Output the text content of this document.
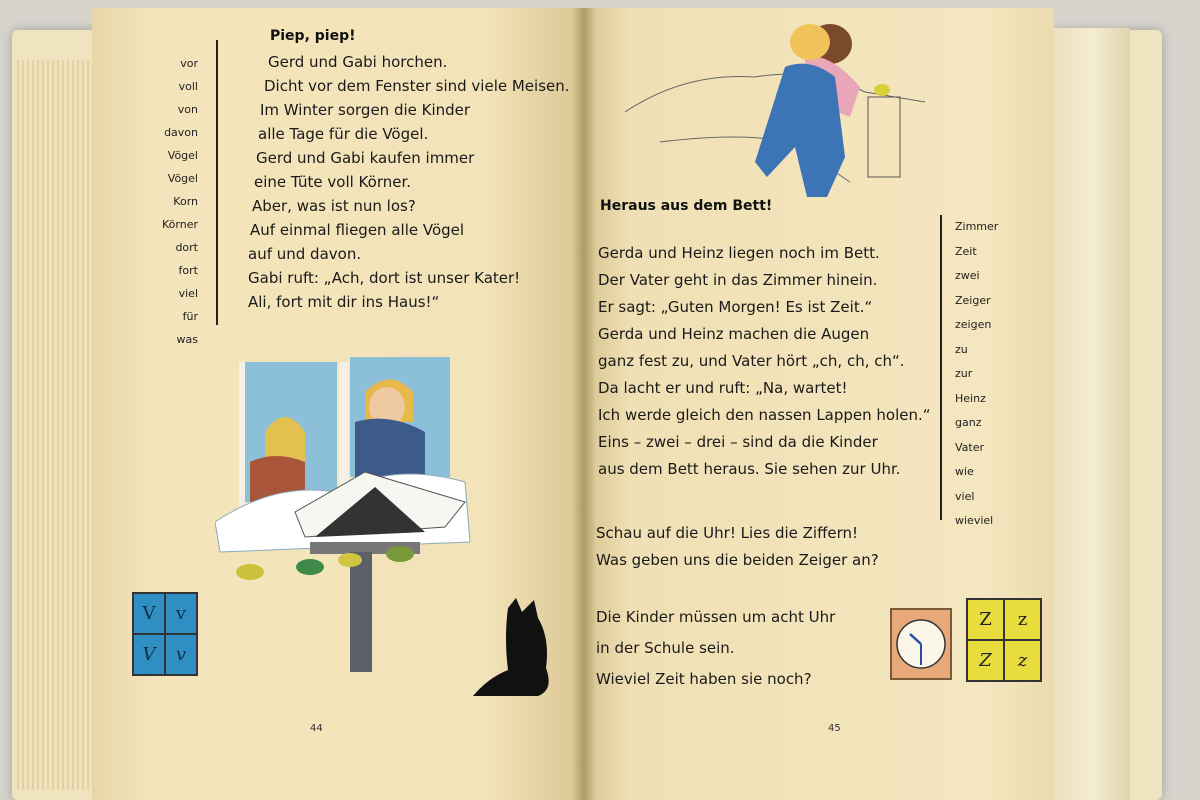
vor
voll
von
davon
Vögel
Vögel
Korn
Körner
dort
fort
viel
für
was
Piep, piep!
Gerd und Gabi horchen.
Dicht vor dem Fenster sind viele Meisen.
Im Winter sorgen die Kinder
alle Tage für die Vögel.
Gerd und Gabi kaufen immer
eine Tüte voll Körner.
Aber, was ist nun los?
Auf einmal fliegen alle Vögel
auf und davon.
Gabi ruft: „Ach, dort ist unser Kater!
Ali, fort mit dir ins Haus!“
V	v
V	v
44
Heraus aus dem Bett!
Gerda und Heinz liegen noch im Bett.
Der Vater geht in das Zimmer hinein.
Er sagt: „Guten Morgen! Es ist Zeit.“
Gerda und Heinz machen die Augen
ganz fest zu, und Vater hört „ch, ch, ch“.
Da lacht er und ruft: „Na, wartet!
Ich werde gleich den nassen Lappen holen.“
Eins – zwei – drei – sind da die Kinder
aus dem Bett heraus. Sie sehen zur Uhr.
Schau auf die Uhr! Lies die Ziffern!
Was geben uns die beiden Zeiger an?
Die Kinder müssen um acht Uhr
in der Schule sein.
Wieviel Zeit haben sie noch?
Zimmer
Zeit
zwei
Zeiger
zeigen
zu
zur
Heinz
ganz
Vater
wie
viel
wieviel
Z	z
Z	z
45
